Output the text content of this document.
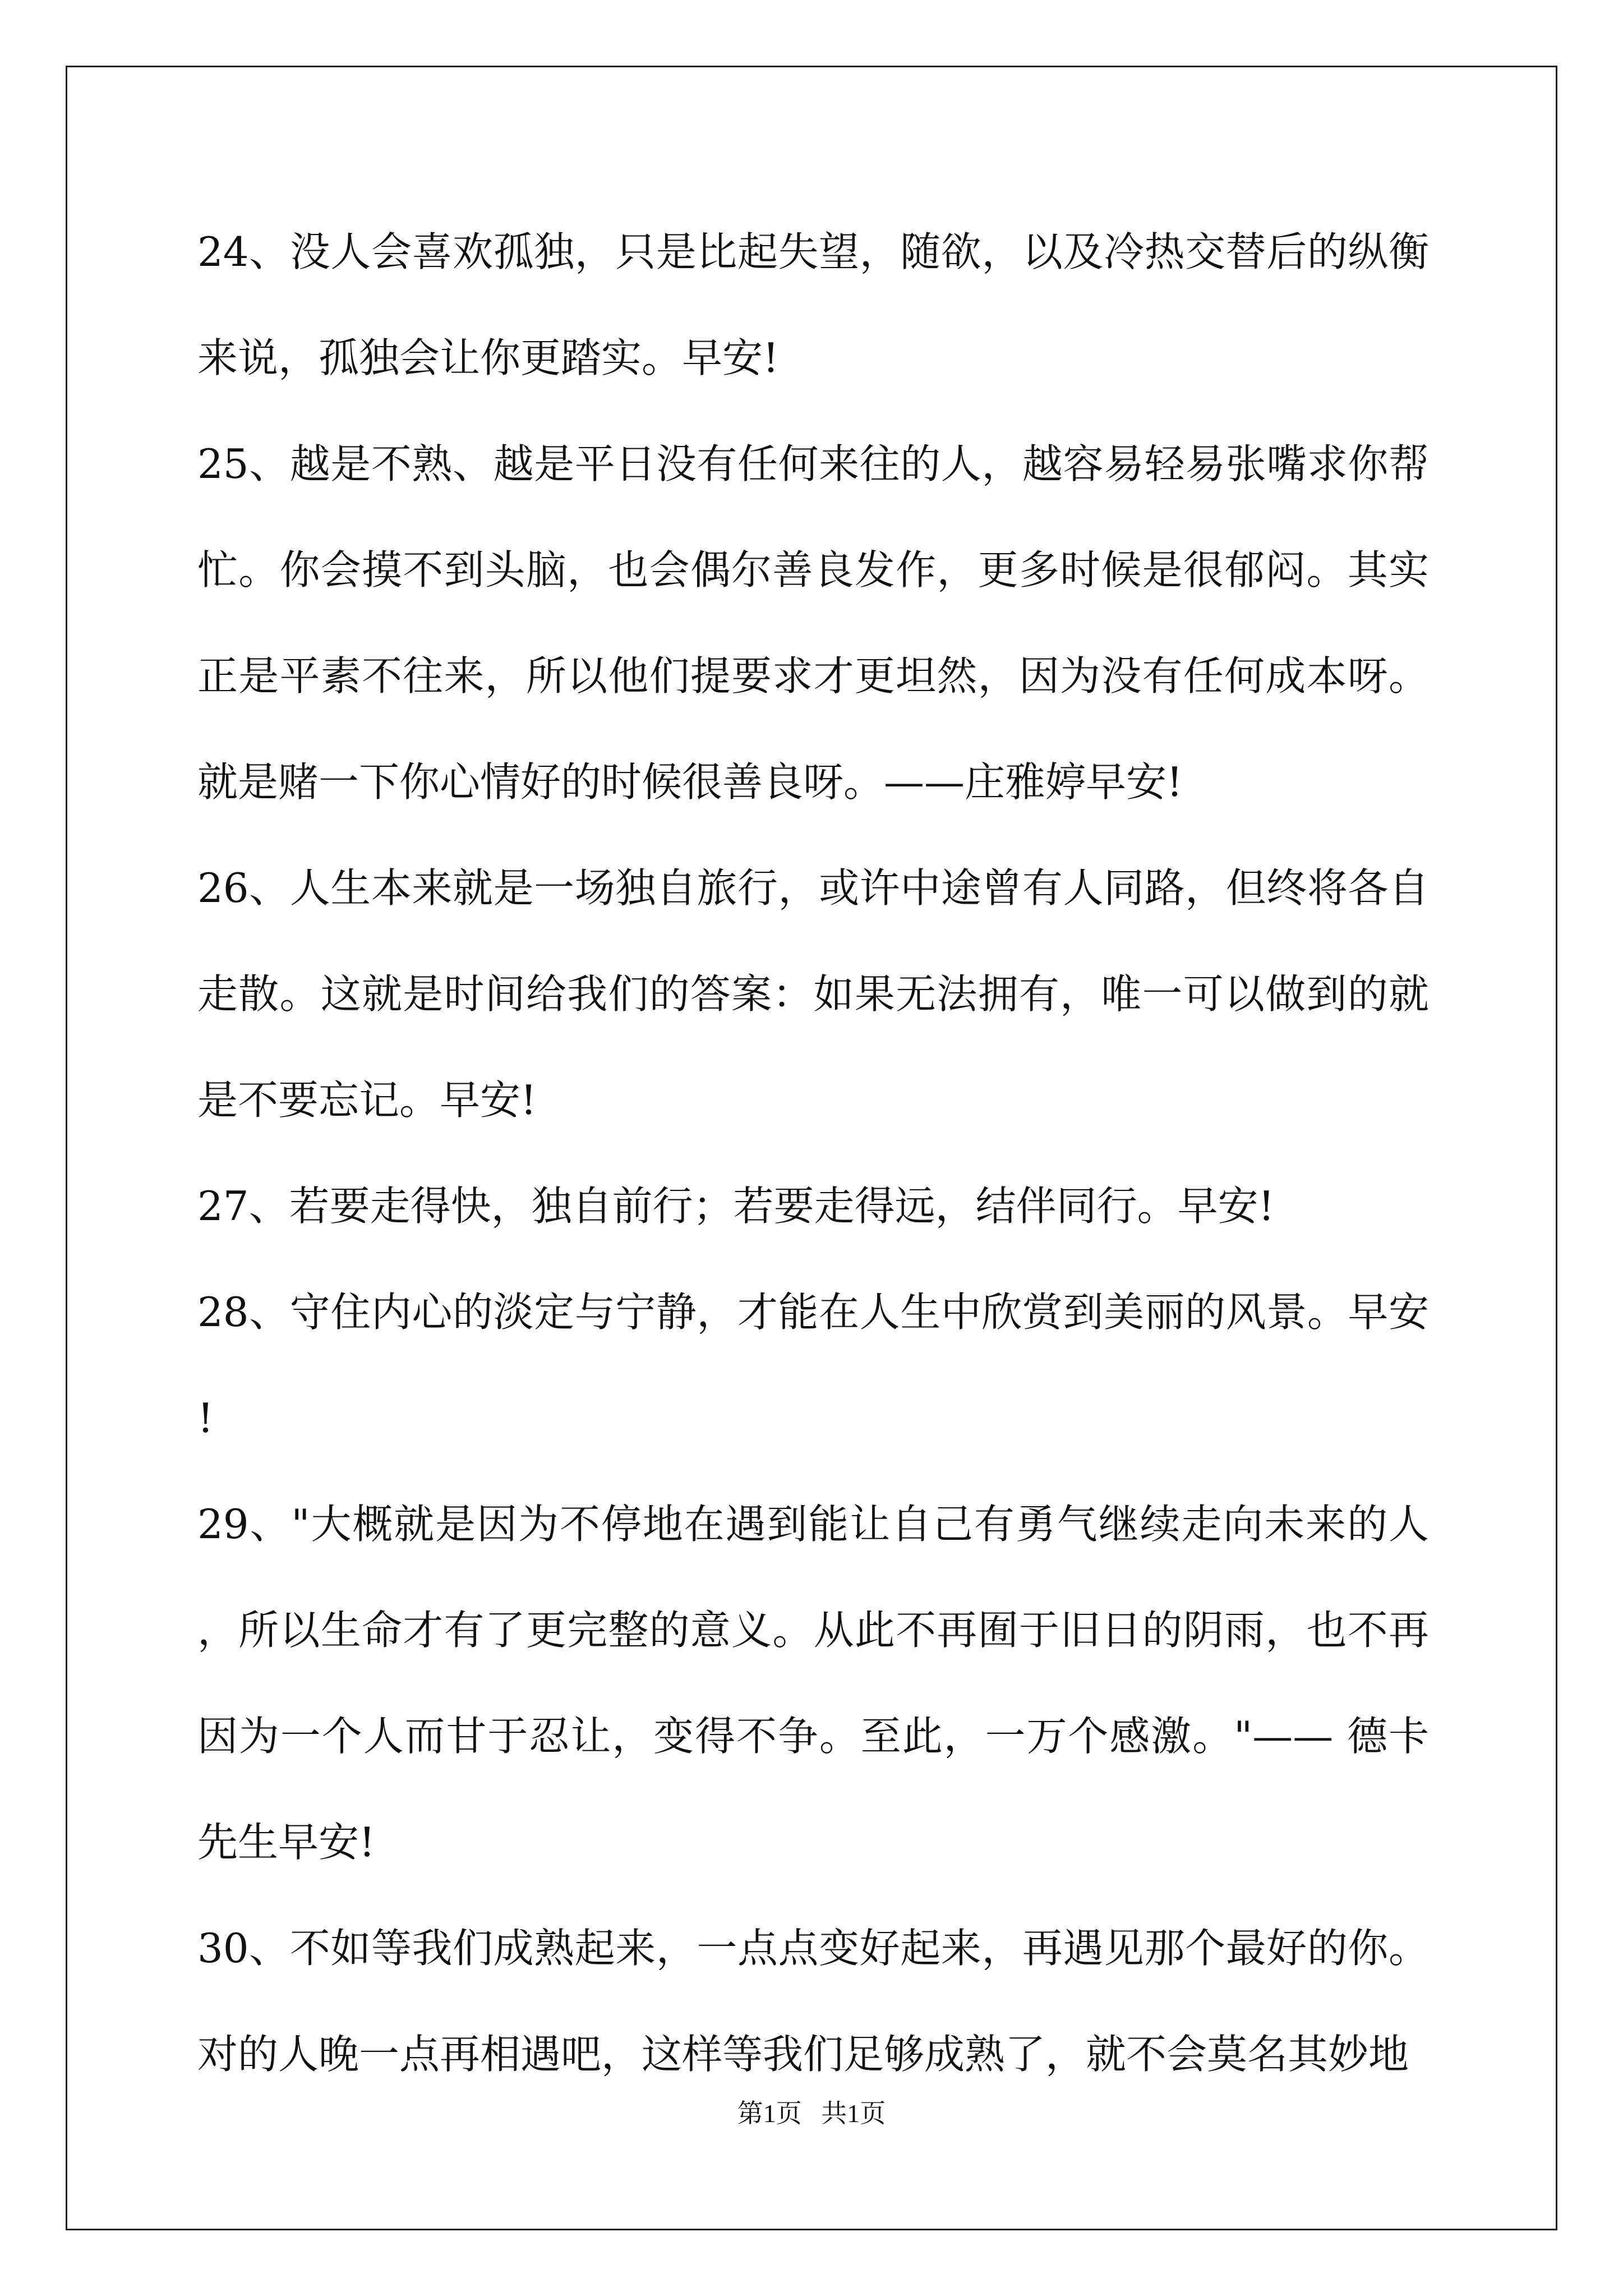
24、没人会喜欢孤独，只是比起失望，随欲，以及冷热交替后的纵衡来说，孤独会让你更踏实。早安!

25、越是不熟、越是平日没有任何来往的人，越容易轻易张嘴求你帮忙。你会摸不到头脑，也会偶尔善良发作，更多时候是很郁闷。其实正是平素不往来，所以他们提要求才更坦然，因为没有任何成本呀。就是赌一下你心情好的时候很善良呀。——庄雅婷早安!

26、人生本来就是一场独自旅行，或许中途曾有人同路，但终将各自走散。这就是时间给我们的答案：如果无法拥有，唯一可以做到的就是不要忘记。早安!

27、若要走得快，独自前行；若要走得远，结伴同行。早安!

28、守住内心的淡定与宁静，才能在人生中欣赏到美丽的风景。早安!

29、"大概就是因为不停地在遇到能让自己有勇气继续走向未来的人，所以生命才有了更完整的意义。从此不再囿于旧日的阴雨，也不再因为一个人而甘于忍让，变得不争。至此，一万个感激。"—— 德卡先生早安!

30、不如等我们成熟起来，一点点变好起来，再遇见那个最好的你。对的人晚一点再相遇吧，这样等我们足够成熟了，就不会莫名其妙地

第1页 共1页
